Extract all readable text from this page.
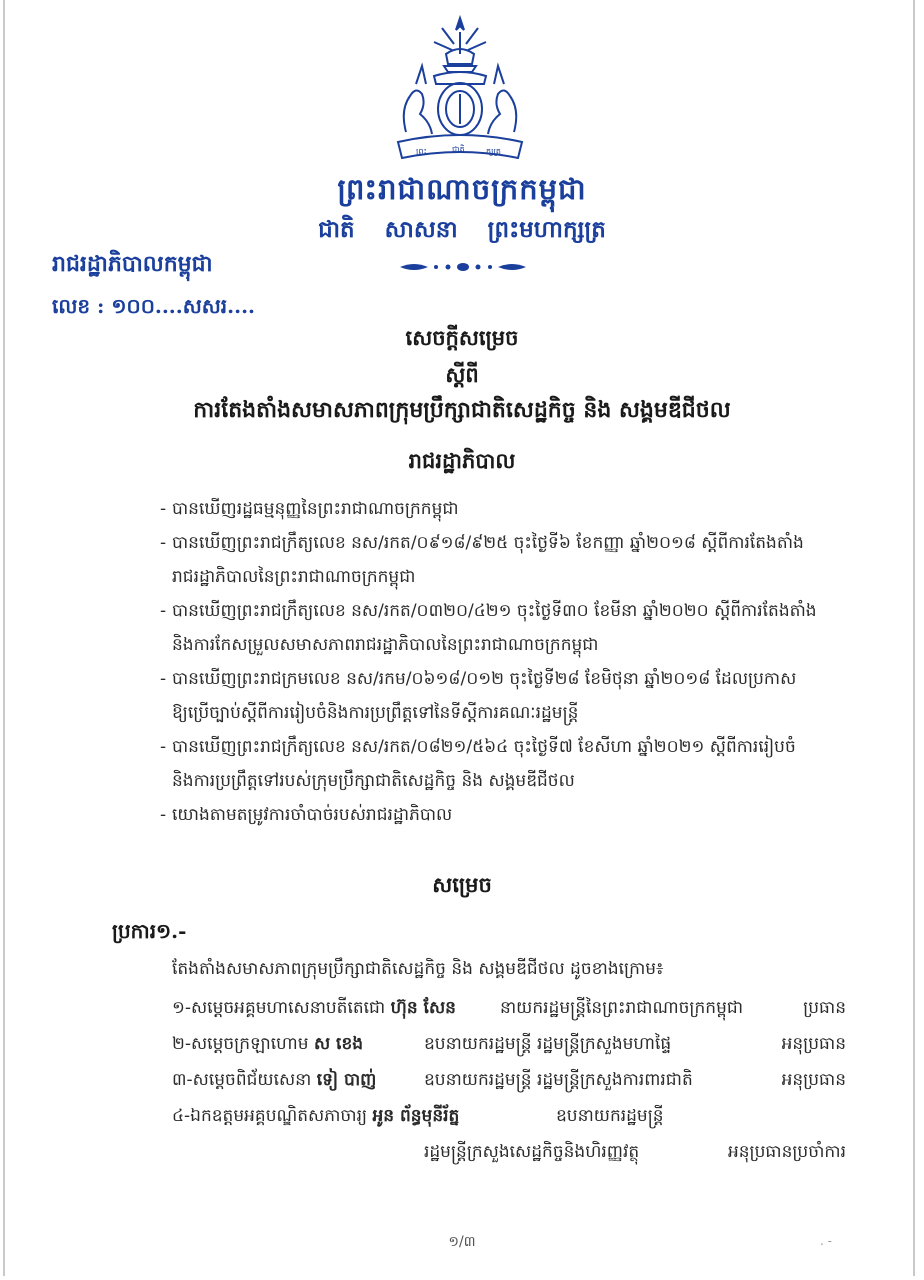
ព្រះ	ជាតិ	ក្សត្រ
ព្រះរាជាណាចក្រកម្ពុជា
ជាតិ សាសនា ព្រះមហាក្សត្រ
រាជរដ្ឋាភិបាលកម្ពុជា
លេខ : ១០០....សសរ....
សេចក្តីសម្រេច
ស្តីពី
ការតែងតាំងសមាសភាពក្រុមប្រឹក្សាជាតិសេដ្ឋកិច្ច និង សង្គមឌីជីថល
រាជរដ្ឋាភិបាល
- បានឃើញរដ្ឋធម្មនុញ្ញនៃព្រះរាជាណាចក្រកម្ពុជា
- បានឃើញព្រះរាជក្រឹត្យលេខ នស/រកត/០៩១៨/៩២៥ ចុះថ្ងៃទី៦ ខែកញ្ញា ឆ្នាំ២០១៨ ស្តីពីការតែងតាំង
រាជរដ្ឋាភិបាលនៃព្រះរាជាណាចក្រកម្ពុជា
- បានឃើញព្រះរាជក្រឹត្យលេខ នស/រកត/០៣២០/៤២១ ចុះថ្ងៃទី៣០ ខែមីនា ឆ្នាំ២០២០ ស្តីពីការតែងតាំង
និងការកែសម្រួលសមាសភាពរាជរដ្ឋាភិបាលនៃព្រះរាជាណាចក្រកម្ពុជា
- បានឃើញព្រះរាជក្រមលេខ នស/រកម/០៦១៨/០១២ ចុះថ្ងៃទី២៨ ខែមិថុនា ឆ្នាំ២០១៨ ដែលប្រកាស
ឱ្យប្រើច្បាប់ស្តីពីការរៀបចំនិងការប្រព្រឹត្តទៅនៃទីស្តីការគណៈរដ្ឋមន្ត្រី
- បានឃើញព្រះរាជក្រឹត្យលេខ នស/រកត/០៨២១/៥៦៤ ចុះថ្ងៃទី៧ ខែសីហា ឆ្នាំ២០២១ ស្តីពីការរៀបចំ
និងការប្រព្រឹត្តទៅរបស់ក្រុមប្រឹក្សាជាតិសេដ្ឋកិច្ច និង សង្គមឌីជីថល
- យោងតាមតម្រូវការចាំបាច់របស់រាជរដ្ឋាភិបាល
សម្រេច
ប្រការ១.-
តែងតាំងសមាសភាពក្រុមប្រឹក្សាជាតិសេដ្ឋកិច្ច និង សង្គមឌីជីថល ដូចខាងក្រោម៖
១-សម្តេចអគ្គមហាសេនាបតីតេជោ ហ៊ុន សែន	នាយករដ្ឋមន្ត្រីនៃព្រះរាជាណាចក្រកម្ពុជា	ប្រធាន
២-សម្តេចក្រឡាហោម ស ខេង	ឧបនាយករដ្ឋមន្ត្រី រដ្ឋមន្ត្រីក្រសួងមហាផ្ទៃ	អនុប្រធាន
៣-សម្តេចពិជ័យសេនា ទៀ បាញ់	ឧបនាយករដ្ឋមន្ត្រី រដ្ឋមន្ត្រីក្រសួងការពារជាតិ	អនុប្រធាន
៤-ឯកឧត្តមអគ្គបណ្ឌិតសភាចារ្យ អូន ព័ន្ធមុនីរ័ត្ន	ឧបនាយករដ្ឋមន្ត្រី
រដ្ឋមន្ត្រីក្រសួងសេដ្ឋកិច្ចនិងហិរញ្ញវត្ថុ	អនុប្រធានប្រចាំការ
១/៣	. -
